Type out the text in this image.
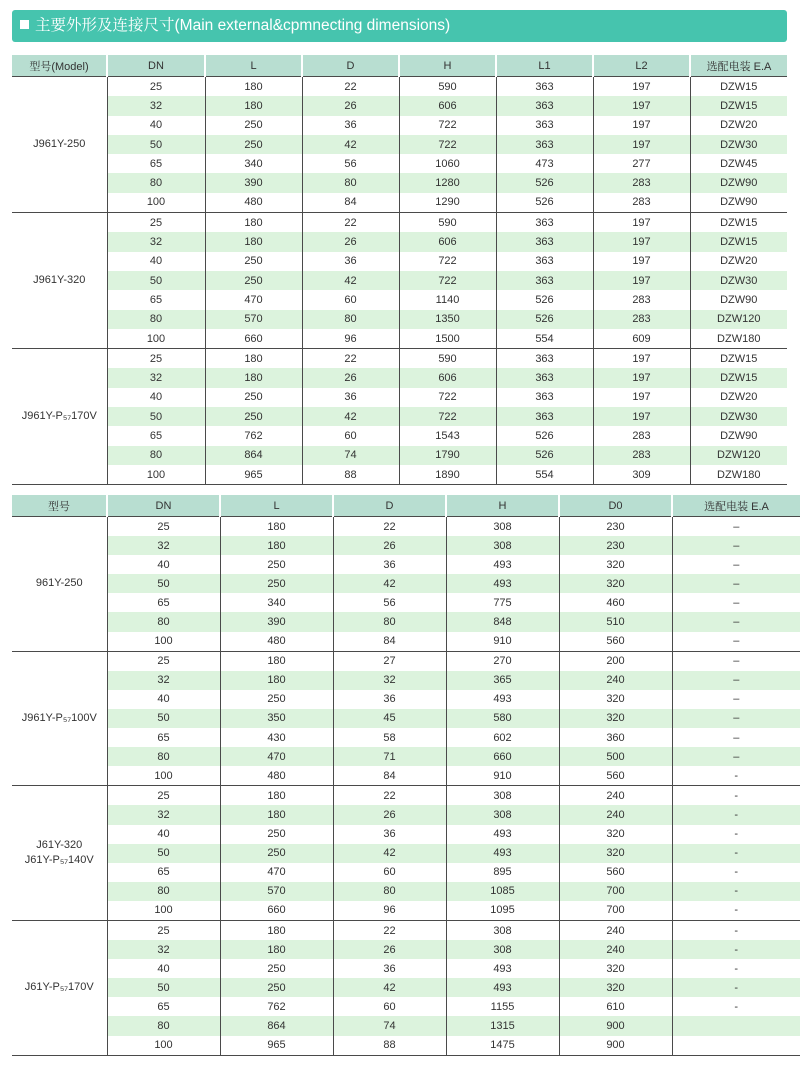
主要外形及连接尺寸(Main external&cpmnecting dimensions)
型号(Model)	DN	L	D	H	L1	L2	选配电装 E.A
J961Y-250	25	180	22	590	363	197	DZW15
	32	180	26	606	363	197	DZW15
	40	250	36	722	363	197	DZW20
	50	250	42	722	363	197	DZW30
	65	340	56	1060	473	277	DZW45
	80	390	80	1280	526	283	DZW90
	100	480	84	1290	526	283	DZW90
J961Y-320	25	180	22	590	363	197	DZW15
	32	180	26	606	363	197	DZW15
	40	250	36	722	363	197	DZW20
	50	250	42	722	363	197	DZW30
	65	470	60	1140	526	283	DZW90
	80	570	80	1350	526	283	DZW120
	100	660	96	1500	554	609	DZW180
J961Y-P₅₇170V	25	180	22	590	363	197	DZW15
	32	180	26	606	363	197	DZW15
	40	250	36	722	363	197	DZW20
	50	250	42	722	363	197	DZW30
	65	762	60	1543	526	283	DZW90
	80	864	74	1790	526	283	DZW120
	100	965	88	1890	554	309	DZW180
型号	DN	L	D	H	D0	选配电装 E.A
961Y-250	25	180	22	308	230	–
	32	180	26	308	230	–
	40	250	36	493	320	–
	50	250	42	493	320	–
	65	340	56	775	460	–
	80	390	80	848	510	–
	100	480	84	910	560	–
J961Y-P₅₇100V	25	180	27	270	200	–
	32	180	32	365	240	–
	40	250	36	493	320	–
	50	350	45	580	320	–
	65	430	58	602	360	–
	80	470	71	660	500	–
	100	480	84	910	560	-
J61Y-320
J61Y-P₅₇140V	25	180	22	308	240	-
	32	180	26	308	240	-
	40	250	36	493	320	-
	50	250	42	493	320	-
	65	470	60	895	560	-
	80	570	80	1085	700	-
	100	660	96	1095	700	-
J61Y-P₅₇170V	25	180	22	308	240	-
	32	180	26	308	240	-
	40	250	36	493	320	-
	50	250	42	493	320	-
	65	762	60	1155	610	-
	80	864	74	1315	900	
	100	965	88	1475	900	
